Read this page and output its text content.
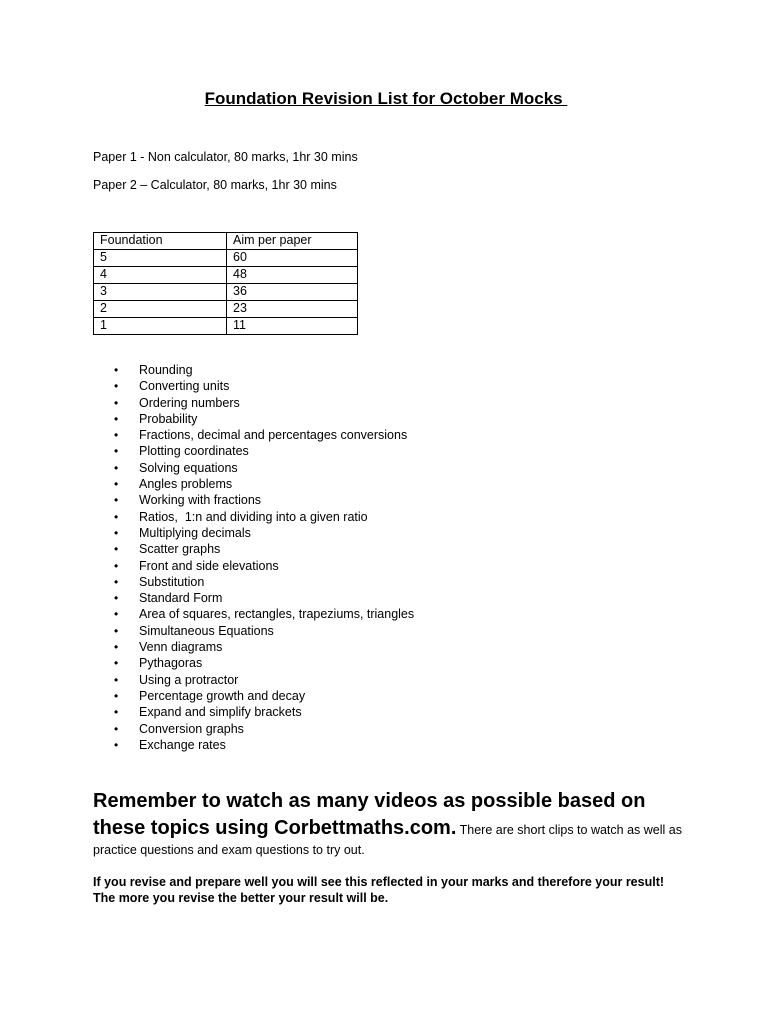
Foundation Revision List for October Mocks
Paper 1 - Non calculator, 80 marks, 1hr 30 mins
Paper 2 – Calculator, 80 marks, 1hr 30 mins
Foundation	Aim per paper
5	60
4	48
3	36
2	23
1	11
• Rounding
• Converting units
• Ordering numbers
• Probability
• Fractions, decimal and percentages conversions
• Plotting coordinates
• Solving equations
• Angles problems
• Working with fractions
• Ratios,  1:n and dividing into a given ratio
• Multiplying decimals
• Scatter graphs
• Front and side elevations
• Substitution
• Standard Form
• Area of squares, rectangles, trapeziums, triangles
• Simultaneous Equations
• Venn diagrams
• Pythagoras
• Using a protractor
• Percentage growth and decay
• Expand and simplify brackets
• Conversion graphs
• Exchange rates
Remember to watch as many videos as possible based on these topics using Corbettmaths.com. There are short clips to watch as well as practice questions and exam questions to try out.
If you revise and prepare well you will see this reflected in your marks and therefore your result!
The more you revise the better your result will be.
